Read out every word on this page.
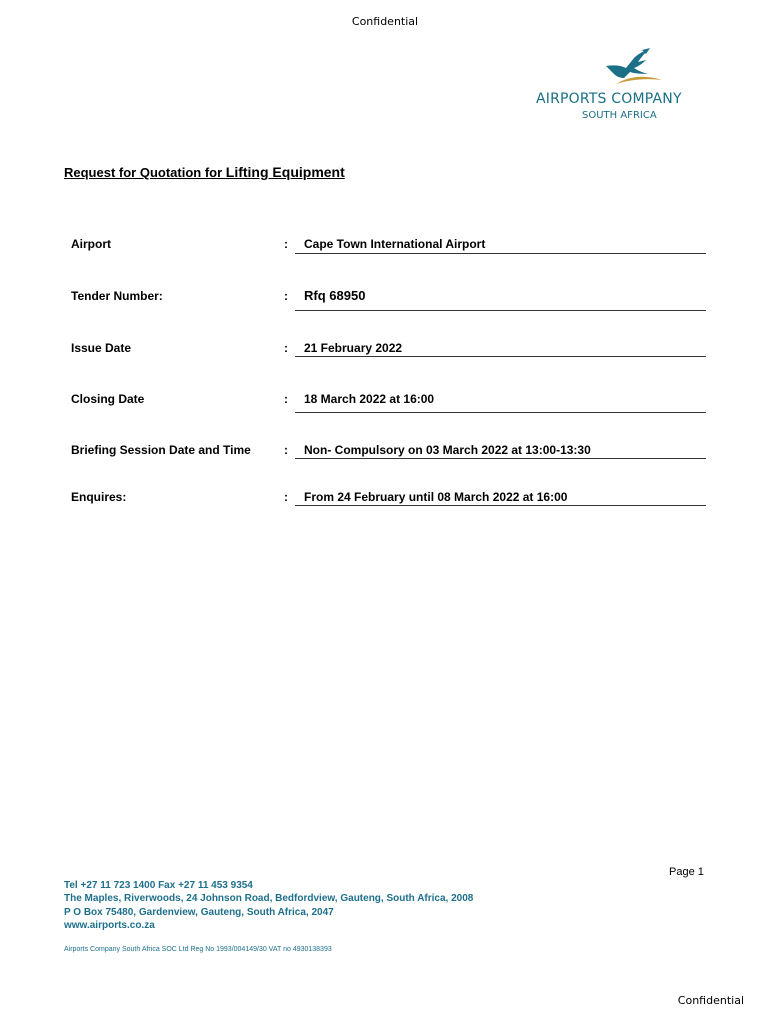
Confidential
AIRPORTS COMPANY
SOUTH AFRICA
Request for Quotation for Lifting Equipment
Airport	: Cape Town International Airport
Tender Number:	: Rfq 68950
Issue Date	: 21 February 2022
Closing Date	: 18 March 2022 at 16:00
Briefing Session Date and Time	: Non- Compulsory on 03 March 2022 at 13:00-13:30
Enquires:	: From 24 February until 08 March 2022 at 16:00
Page 1
Tel +27 11 723 1400 Fax +27 11 453 9354
The Maples, Riverwoods, 24 Johnson Road, Bedfordview, Gauteng, South Africa, 2008
P O Box 75480, Gardenview, Gauteng, South Africa, 2047
www.airports.co.za
Airports Company South Africa SOC Ltd Reg No 1993/004149/30 VAT no 4930138393
Confidential
